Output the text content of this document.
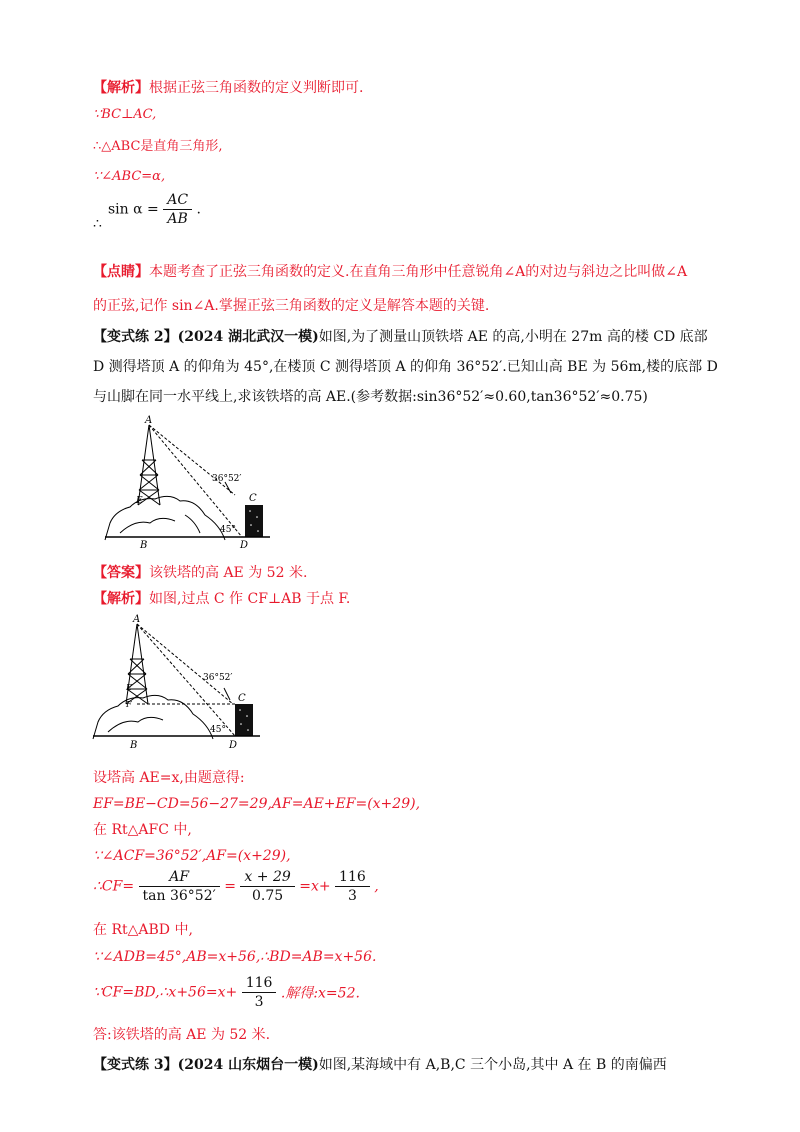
【解析】根据正弦三角函数的定义判断即可.
∵BC⊥AC,
∴△ABC是直角三角形,
∵∠ABC=α,
∴
$\sin \alpha = \frac{AC}{AB}$ .
【点睛】本题考查了正弦三角函数的定义.在直角三角形中任意锐角∠A的对边与斜边之比叫做∠A
的正弦,记作 sin∠A.掌握正弦三角函数的定义是解答本题的关键.
【变式练 2】(2024 湖北武汉一模)如图,为了测量山顶铁塔 AE 的高,小明在 27m 高的楼 CD 底部
D 测得塔顶 A 的仰角为 45°,在楼顶 C 测得塔顶 A 的仰角 36°52′.已知山高 BE 为 56m,楼的底部 D
与山脚在同一水平线上,求该铁塔的高 AE.(参考数据:sin36°52′≈0.60,tan36°52′≈0.75)
A
E
B
C
D
36°52′
45°
【答案】该铁塔的高 AE 为 52 米.
【解析】如图,过点 C 作 CF⊥AB 于点 F.
A
E
F
B
C
D
36°52′
45°
设塔高 AE=x,由题意得:
EF=BE−CD=56−27=29,AF=AE+EF=(x+29),
在 Rt△AFC 中,
∵∠ACF=36°52′,AF=(x+29),
∴CF= $\frac{AF}{\tan 36^\circ 52'} = \frac{x + 29}{0.75} =x+ \frac{116}{3}$ ,
在 Rt△ABD 中,
∵∠ADB=45°,AB=x+56,∴BD=AB=x+56.
∵CF=BD,∴x+56=x+ $\frac{116}{3}$ .解得:x=52.
答:该铁塔的高 AE 为 52 米.
【变式练 3】(2024 山东烟台一模)如图,某海域中有 A,B,C 三个小岛,其中 A 在 B 的南偏西
